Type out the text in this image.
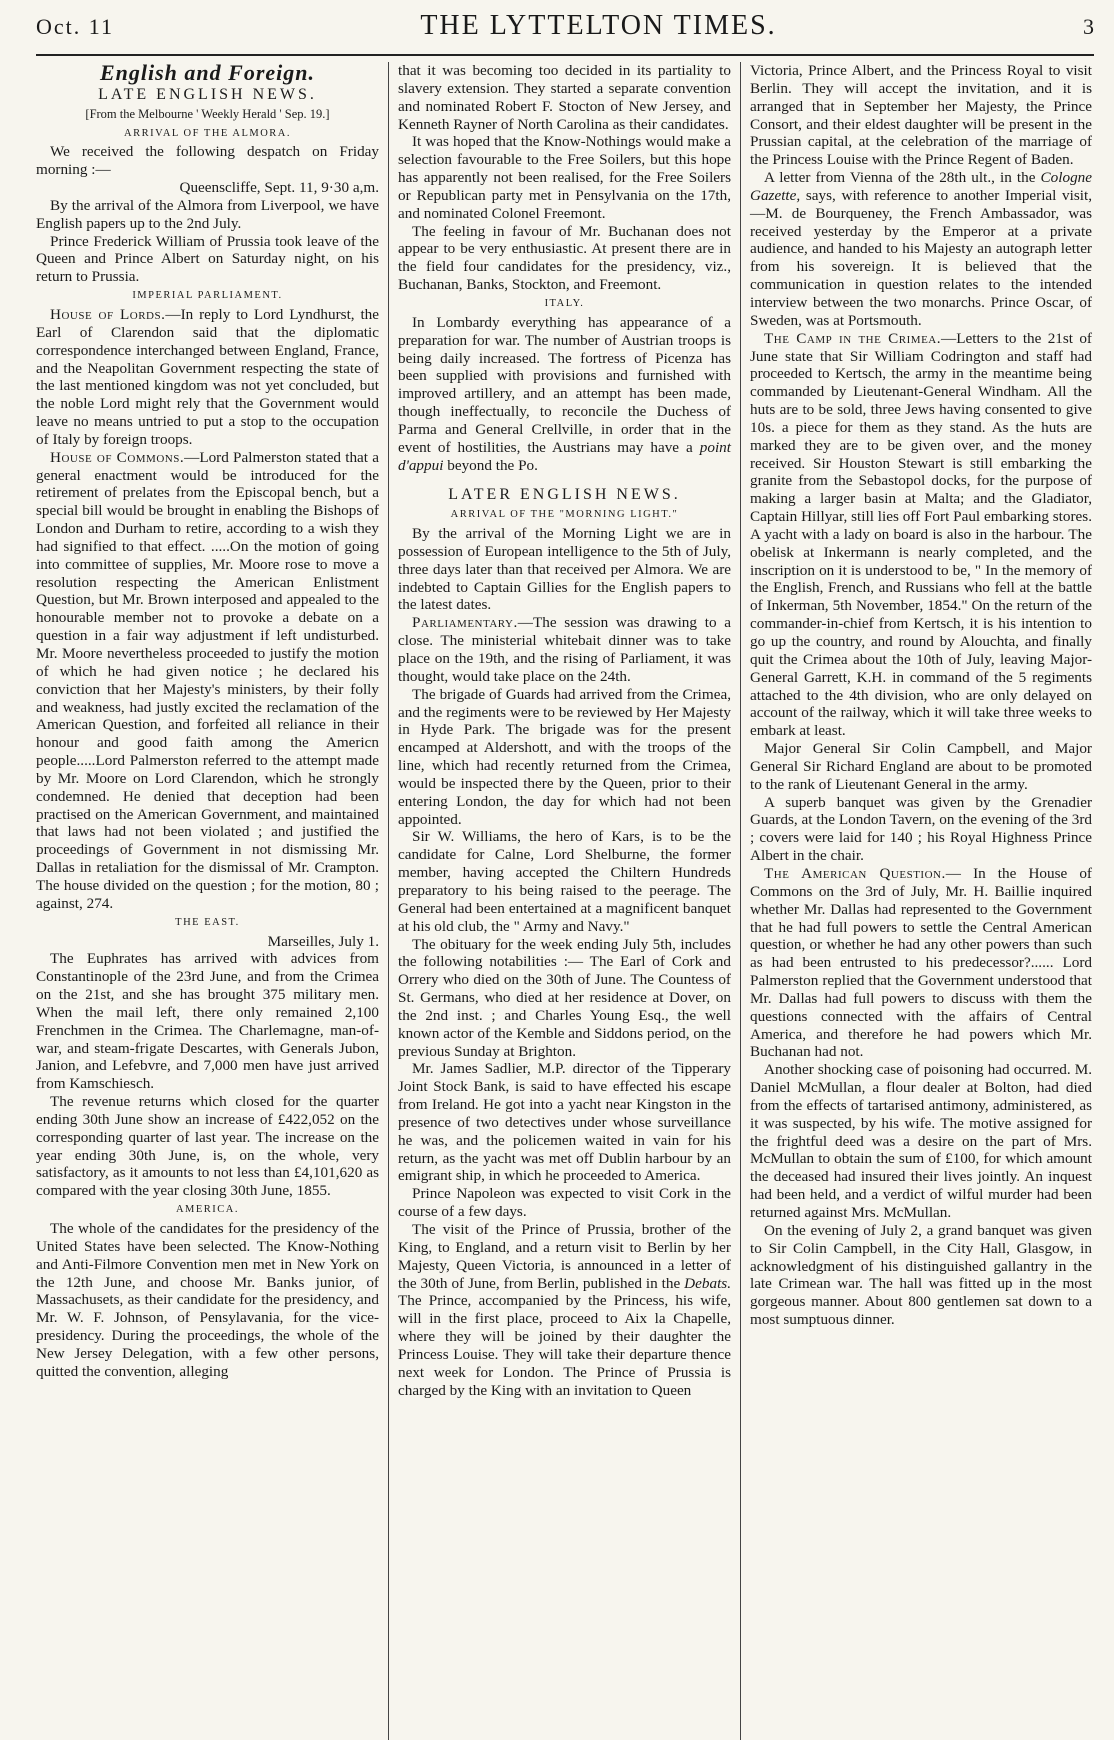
Oct. 11	THE LYTTELTON TIMES.	3
English and Foreign.
LATE ENGLISH NEWS.

[From the Melbourne ' Weekly Herald ' Sep. 19.]

ARRIVAL OF THE ALMORA.

We received the following despatch on Friday morning :—

Queenscliffe, Sept. 11, 9·30 a,m.

By the arrival of the Almora from Liverpool, we have English papers up to the 2nd July.

Prince Frederick William of Prussia took leave of the Queen and Prince Albert on Saturday night, on his return to Prussia.

IMPERIAL PARLIAMENT.

House of Lords.—In reply to Lord Lyndhurst, the Earl of Clarendon said that the diplomatic correspondence interchanged between England, France, and the Neapolitan Government respecting the state of the last mentioned kingdom was not yet concluded, but the noble Lord might rely that the Government would leave no means untried to put a stop to the occupation of Italy by foreign troops.

House of Commons.—Lord Palmerston stated that a general enactment would be introduced for the retirement of prelates from the Episcopal bench, but a special bill would be brought in enabling the Bishops of London and Durham to retire, according to a wish they had signified to that effect. .....On the motion of going into committee of supplies, Mr. Moore rose to move a resolution respecting the American Enlistment Question, but Mr. Brown interposed and appealed to the honourable member not to provoke a debate on a question in a fair way adjustment if left undisturbed. Mr. Moore nevertheless proceeded to justify the motion of which he had given notice ; he declared his conviction that her Majesty's ministers, by their folly and weakness, had justly excited the reclamation of the American Question, and forfeited all reliance in their honour and good faith among the Americn people.....Lord Palmerston referred to the attempt made by Mr. Moore on Lord Clarendon, which he strongly condemned. He denied that deception had been practised on the American Government, and maintained that laws had not been violated ; and justified the proceedings of Government in not dismissing Mr. Dallas in retaliation for the dismissal of Mr. Crampton. The house divided on the question ; for the motion, 80 ; against, 274.

THE EAST.

Marseilles, July 1.

The Euphrates has arrived with advices from Constantinople of the 23rd June, and from the Crimea on the 21st, and she has brought 375 military men. When the mail left, there only remained 2,100 Frenchmen in the Crimea. The Charlemagne, man-of-war, and steam-frigate Descartes, with Generals Jubon, Janion, and Lefebvre, and 7,000 men have just arrived from Kamschiesch.

The revenue returns which closed for the quarter ending 30th June show an increase of £422,052 on the corresponding quarter of last year. The increase on the year ending 30th June, is, on the whole, very satisfactory, as it amounts to not less than £4,101,620 as compared with the year closing 30th June, 1855.

AMERICA.

The whole of the candidates for the presidency of the United States have been selected. The Know-Nothing and Anti-Filmore Convention men met in New York on the 12th June, and choose Mr. Banks junior, of Massachusets, as their candidate for the presidency, and Mr. W. F. Johnson, of Pensylavania, for the vice-presidency. During the proceedings, the whole of the New Jersey Delegation, with a few other persons, quitted the convention, alleging

that it was becoming too decided in its partiality to slavery extension. They started a separate convention and nominated Robert F. Stocton of New Jersey, and Kenneth Rayner of North Carolina as their candidates.

It was hoped that the Know-Nothings would make a selection favourable to the Free Soilers, but this hope has apparently not been realised, for the Free Soilers or Republican party met in Pensylvania on the 17th, and nominated Colonel Freemont.

The feeling in favour of Mr. Buchanan does not appear to be very enthusiastic. At present there are in the field four candidates for the presidency, viz., Buchanan, Banks, Stockton, and Freemont.

ITALY.

In Lombardy everything has appearance of a preparation for war. The number of Austrian troops is being daily increased. The fortress of Picenza has been supplied with provisions and furnished with improved artillery, and an attempt has been made, though ineffectually, to reconcile the Duchess of Parma and General Crellville, in order that in the event of hostilities, the Austrians may have a point d'appui beyond the Po.

LATER ENGLISH NEWS.

ARRIVAL OF THE "MORNING LIGHT."

By the arrival of the Morning Light we are in possession of European intelligence to the 5th of July, three days later than that received per Almora. We are indebted to Captain Gillies for the English papers to the latest dates.

Parliamentary.—The session was drawing to a close. The ministerial whitebait dinner was to take place on the 19th, and the rising of Parliament, it was thought, would take place on the 24th.

The brigade of Guards had arrived from the Crimea, and the regiments were to be reviewed by Her Majesty in Hyde Park. The brigade was for the present encamped at Aldershott, and with the troops of the line, which had recently returned from the Crimea, would be inspected there by the Queen, prior to their entering London, the day for which had not been appointed.

Sir W. Williams, the hero of Kars, is to be the candidate for Calne, Lord Shelburne, the former member, having accepted the Chiltern Hundreds preparatory to his being raised to the peerage. The General had been entertained at a magnificent banquet at his old club, the " Army and Navy."

The obituary for the week ending July 5th, includes the following notabilities :— The Earl of Cork and Orrery who died on the 30th of June. The Countess of St. Germans, who died at her residence at Dover, on the 2nd inst. ; and Charles Young Esq., the well known actor of the Kemble and Siddons period, on the previous Sunday at Brighton.

Mr. James Sadlier, M.P. director of the Tipperary Joint Stock Bank, is said to have effected his escape from Ireland. He got into a yacht near Kingston in the presence of two detectives under whose surveillance he was, and the policemen waited in vain for his return, as the yacht was met off Dublin harbour by an emigrant ship, in which he proceeded to America.

Prince Napoleon was expected to visit Cork in the course of a few days.

The visit of the Prince of Prussia, brother of the King, to England, and a return visit to Berlin by her Majesty, Queen Victoria, is announced in a letter of the 30th of June, from Berlin, published in the Debats. The Prince, accompanied by the Princess, his wife, will in the first place, proceed to Aix la Chapelle, where they will be joined by their daughter the Princess Louise. They will take their departure thence next week for London. The Prince of Prussia is charged by the King with an invitation to Queen

Victoria, Prince Albert, and the Princess Royal to visit Berlin. They will accept the invitation, and it is arranged that in September her Majesty, the Prince Consort, and their eldest daughter will be present in the Prussian capital, at the celebration of the marriage of the Princess Louise with the Prince Regent of Baden.

A letter from Vienna of the 28th ult., in the Cologne Gazette, says, with reference to another Imperial visit,—M. de Bourqueney, the French Ambassador, was received yesterday by the Emperor at a private audience, and handed to his Majesty an autograph letter from his sovereign. It is believed that the communication in question relates to the intended interview between the two monarchs. Prince Oscar, of Sweden, was at Portsmouth.

The Camp in the Crimea.—Letters to the 21st of June state that Sir William Codrington and staff had proceeded to Kertsch, the army in the meantime being commanded by Lieutenant-General Windham. All the huts are to be sold, three Jews having consented to give 10s. a piece for them as they stand. As the huts are marked they are to be given over, and the money received. Sir Houston Stewart is still embarking the granite from the Sebastopol docks, for the purpose of making a larger basin at Malta; and the Gladiator, Captain Hillyar, still lies off Fort Paul embarking stores. A yacht with a lady on board is also in the harbour. The obelisk at Inkermann is nearly completed, and the inscription on it is understood to be, " In the memory of the English, French, and Russians who fell at the battle of Inkerman, 5th November, 1854." On the return of the commander-in-chief from Kertsch, it is his intention to go up the country, and round by Alouchta, and finally quit the Crimea about the 10th of July, leaving Major-General Garrett, K.H. in command of the 5 regiments attached to the 4th division, who are only delayed on account of the railway, which it will take three weeks to embark at least.

Major General Sir Colin Campbell, and Major General Sir Richard England are about to be promoted to the rank of Lieutenant General in the army.

A superb banquet was given by the Grenadier Guards, at the London Tavern, on the evening of the 3rd ; covers were laid for 140 ; his Royal Highness Prince Albert in the chair.

The American Question.— In the House of Commons on the 3rd of July, Mr. H. Baillie inquired whether Mr. Dallas had represented to the Government that he had full powers to settle the Central American question, or whether he had any other powers than such as had been entrusted to his predecessor?...... Lord Palmerston replied that the Government understood that Mr. Dallas had full powers to discuss with them the questions connected with the affairs of Central America, and therefore he had powers which Mr. Buchanan had not.

Another shocking case of poisoning had occurred. M. Daniel McMullan, a flour dealer at Bolton, had died from the effects of tartarised antimony, administered, as it was suspected, by his wife. The motive assigned for the frightful deed was a desire on the part of Mrs. McMullan to obtain the sum of £100, for which amount the deceased had insured their lives jointly. An inquest had been held, and a verdict of wilful murder had been returned against Mrs. McMullan.

On the evening of July 2, a grand banquet was given to Sir Colin Campbell, in the City Hall, Glasgow, in acknowledgment of his distinguished gallantry in the late Crimean war. The hall was fitted up in the most gorgeous manner. About 800 gentlemen sat down to a most sumptuous dinner.
